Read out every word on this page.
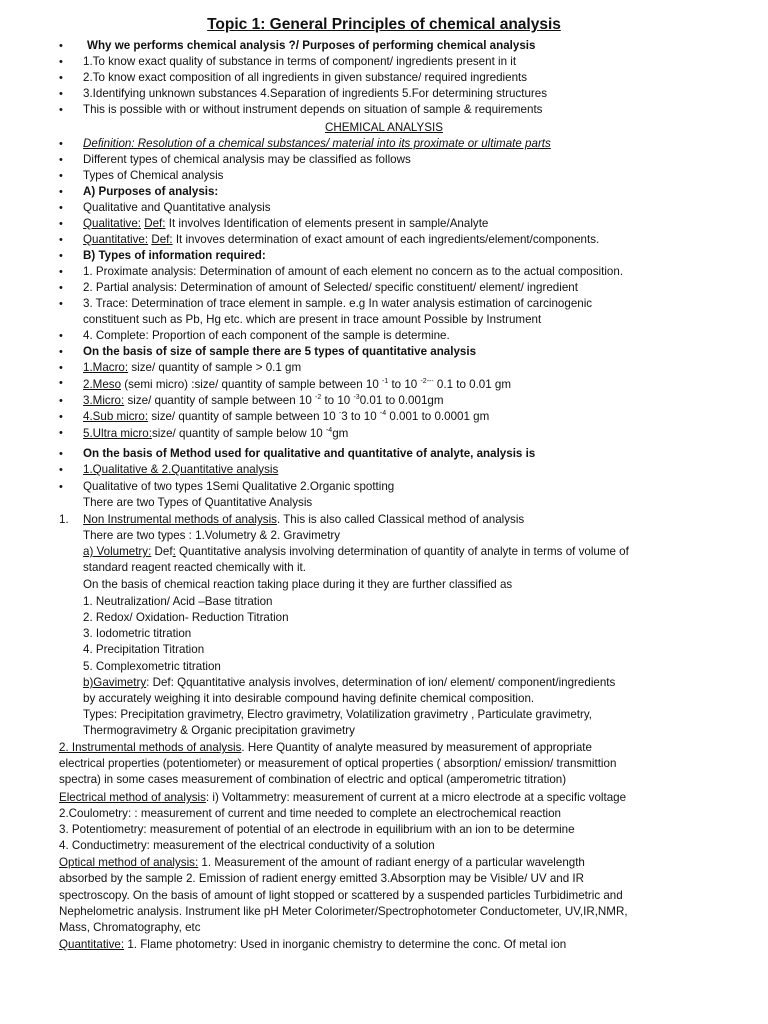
Topic 1: General Principles of chemical analysis
• Why we performs chemical analysis ?/ Purposes of performing chemical analysis
• 1.To know exact quality of substance in terms of component/ ingredients present in it
• 2.To know exact composition of all ingredients in given substance/ required ingredients
• 3.Identifying unknown substances 4.Separation of ingredients 5.For determining structures
• This is possible with or without instrument depends on situation of sample & requirements
CHEMICAL ANALYSIS
• Definition: Resolution of a chemical substances/ material into its proximate or ultimate parts
• Different types of chemical analysis may be classified as follows
• Types of Chemical analysis
• A) Purposes of analysis:
• Qualitative and Quantitative analysis
• Qualitative: Def: It involves Identification of elements present in sample/Analyte
• Quantitative: Def: It invoves determination of exact amount of each ingredients/element/components.
• B) Types of information required:
• 1. Proximate analysis: Determination of amount of each element no concern as to the actual composition.
• 2. Partial analysis: Determination of amount of Selected/ specific constituent/ element/ ingredient
• 3. Trace: Determination of trace element in sample. e.g In water analysis estimation of carcinogenic
constituent such as Pb, Hg etc. which are present in trace amount Possible by Instrument
• 4. Complete: Proportion of each component of the sample is determine.
• On the basis of size of sample there are 5 types of quantitative analysis
• 1.Macro: size/ quantity of sample > 0.1 gm
• 2.Meso (semi micro) :size/ quantity of sample between 10 $^{-1}$ to 10 $^{-2---}$ 0.1 to 0.01 gm
• 3.Micro: size/ quantity of sample between 10 $^{-2}$ to 10 $^{-3}$0.01 to 0.001gm
• 4.Sub micro: size/ quantity of sample between 10 -3 to 10 $^{-4}$ 0.001 to 0.0001 gm
• 5.Ultra micro:size/ quantity of sample below 10 $^{-4}$gm
• On the basis of Method used for qualitative and quantitative of analyte, analysis is
• 1.Qualitative & 2.Quantitative analysis
• Qualitative of two types 1Semi Qualitative 2.Organic spotting
There are two Types of Quantitative Analysis
1. Non Instrumental methods of analysis. This is also called Classical method of analysis
There are two types : 1.Volumetry & 2. Gravimetry
a) Volumetry: Def: Quantitative analysis involving determination of quantity of analyte in terms of volume of
standard reagent reacted chemically with it.
On the basis of chemical reaction taking place during it they are further classified as
1. Neutralization/ Acid –Base titration
2. Redox/ Oxidation- Reduction Titration
3. Iodometric titration
4. Precipitation Titration
5. Complexometric titration
b)Gavimetry: Def: Qquantitative analysis involves, determination of ion/ element/ component/ingredients
by accurately weighing it into desirable compound having definite chemical composition.
Types: Precipitation gravimetry, Electro gravimetry, Volatilization gravimetry , Particulate gravimetry,
Thermogravimetry & Organic precipitation gravimetry
2. Instrumental methods of analysis. Here Quantity of analyte measured by measurement of appropriate
electrical properties (potentiometer) or measurement of optical properties ( absorption/ emission/ transmittion
spectra) in some cases measurement of combination of electric and optical (amperometric titration)
Electrical method of analysis: i) Voltammetry: measurement of current at a micro electrode at a specific voltage
2.Coulometry: : measurement of current and time needed to complete an electrochemical reaction
3. Potentiometry: measurement of potential of an electrode in equilibrium with an ion to be determine
4. Conductimetry: measurement of the electrical conductivity of a solution
Optical method of analysis: 1. Measurement of the amount of radiant energy of a particular wavelength
absorbed by the sample 2. Emission of radient energy emitted 3.Absorption may be Visible/ UV and IR
spectroscopy. On the basis of amount of light stopped or scattered by a suspended particles Turbidimetric and
Nephelometric analysis. Instrument like pH Meter Colorimeter/Spectrophotometer Conductometer, UV,IR,NMR,
Mass, Chromatography, etc
Quantitative: 1. Flame photometry: Used in inorganic chemistry to determine the conc. Of metal ion
